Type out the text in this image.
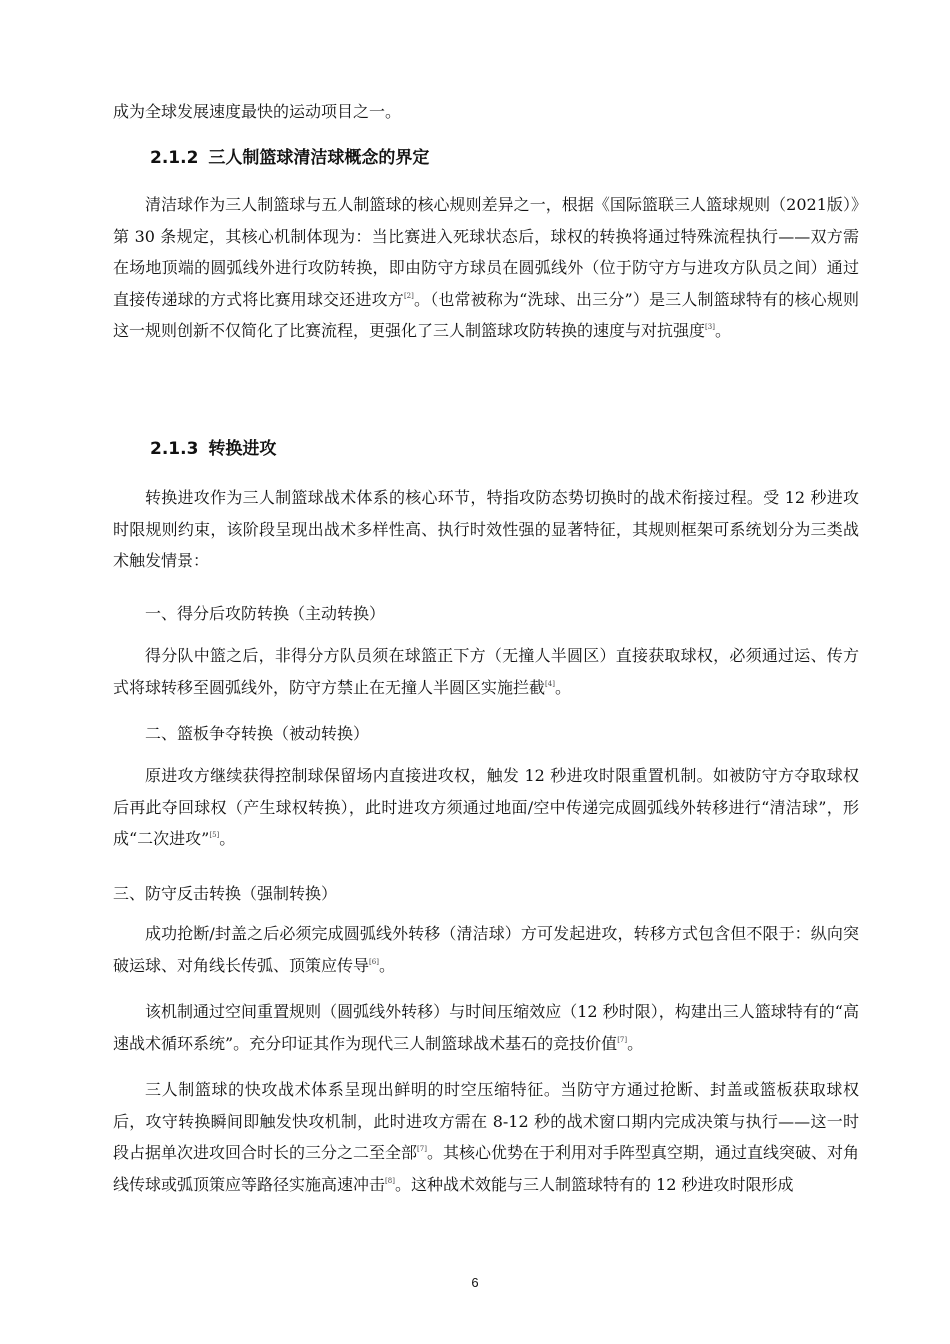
成为全球发展速度最快的运动项目之一。

2.1.2 三人制篮球清洁球概念的界定

清洁球作为三人制篮球与五人制篮球的核心规则差异之一，根据《国际篮联三人篮球规则（2021版）》第 30 条规定，其核心机制体现为：当比赛进入死球状态后，球权的转换将通过特殊流程执行——双方需在场地顶端的圆弧线外进行攻防转换，即由防守方球员在圆弧线外（位于防守方与进攻方队员之间）通过直接传递球的方式将比赛用球交还进攻方[2]。（也常被称为“洗球、出三分”）是三人制篮球特有的核心规则这一规则创新不仅简化了比赛流程，更强化了三人制篮球攻防转换的速度与对抗强度[3]。

2.1.3 转换进攻

转换进攻作为三人制篮球战术体系的核心环节，特指攻防态势切换时的战术衔接过程。受 12 秒进攻时限规则约束，该阶段呈现出战术多样性高、执行时效性强的显著特征，其规则框架可系统划分为三类战术触发情景：

一、得分后攻防转换（主动转换）

得分队中篮之后，非得分方队员须在球篮正下方（无撞人半圆区）直接获取球权，必须通过运、传方式将球转移至圆弧线外，防守方禁止在无撞人半圆区实施拦截[4]。

二、篮板争夺转换（被动转换）

原进攻方继续获得控制球保留场内直接进攻权，触发 12 秒进攻时限重置机制。如被防守方夺取球权后再此夺回球权（产生球权转换），此时进攻方须通过地面/空中传递完成圆弧线外转移进行“清洁球”，形成“二次进攻”[5]。

三、防守反击转换（强制转换）

成功抢断/封盖之后必须完成圆弧线外转移（清洁球）方可发起进攻，转移方式包含但不限于：纵向突破运球、对角线长传弧、顶策应传导[6]。

该机制通过空间重置规则（圆弧线外转移）与时间压缩效应（12 秒时限），构建出三人篮球特有的“高速战术循环系统”。充分印证其作为现代三人制篮球战术基石的竞技价值[7]。

三人制篮球的快攻战术体系呈现出鲜明的时空压缩特征。当防守方通过抢断、封盖或篮板获取球权后，攻守转换瞬间即触发快攻机制，此时进攻方需在 8-12 秒的战术窗口期内完成决策与执行——这一时段占据单次进攻回合时长的三分之二至全部[7]。其核心优势在于利用对手阵型真空期，通过直线突破、对角线传球或弧顶策应等路径实施高速冲击[8]。这种战术效能与三人制篮球特有的 12 秒进攻时限形成

6
